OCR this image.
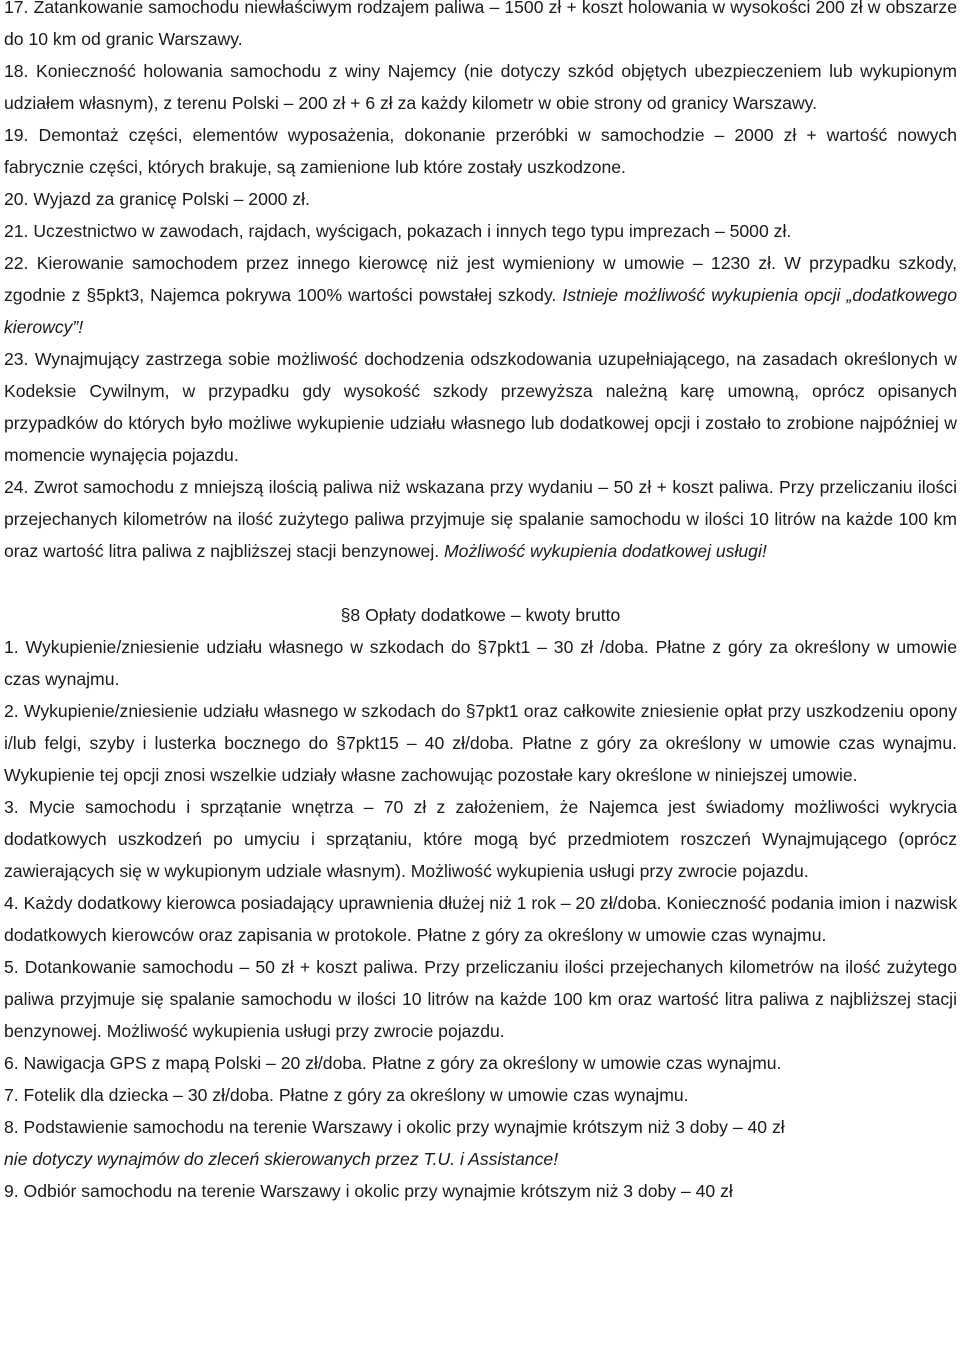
17. Zatankowanie samochodu niewłaściwym rodzajem paliwa – 1500 zł + koszt holowania w wysokości 200 zł w obszarze do 10 km od granic Warszawy.

18. Konieczność holowania samochodu z winy Najemcy (nie dotyczy szkód objętych ubezpieczeniem lub wykupionym udziałem własnym), z terenu Polski – 200 zł + 6 zł za każdy kilometr w obie strony od granicy Warszawy.

19. Demontaż części, elementów wyposażenia, dokonanie przeróbki w samochodzie – 2000 zł + wartość nowych fabrycznie części, których brakuje, są zamienione lub które zostały uszkodzone.

20. Wyjazd za granicę Polski – 2000 zł.

21. Uczestnictwo w zawodach, rajdach, wyścigach, pokazach i innych tego typu imprezach – 5000 zł.

22. Kierowanie samochodem przez innego kierowcę niż jest wymieniony w umowie – 1230 zł. W przypadku szkody, zgodnie z §5pkt3, Najemca pokrywa 100% wartości powstałej szkody. Istnieje możliwość wykupienia opcji „dodatkowego kierowcy”!

23. Wynajmujący zastrzega sobie możliwość dochodzenia odszkodowania uzupełniającego, na zasadach określonych w Kodeksie Cywilnym, w przypadku gdy wysokość szkody przewyższa należną karę umowną, oprócz opisanych przypadków do których było możliwe wykupienie udziału własnego lub dodatkowej opcji i zostało to zrobione najpóźniej w momencie wynajęcia pojazdu.

24. Zwrot samochodu z mniejszą ilością paliwa niż wskazana przy wydaniu – 50 zł + koszt paliwa. Przy przeliczaniu ilości przejechanych kilometrów na ilość zużytego paliwa przyjmuje się spalanie samochodu w ilości 10 litrów na każde 100 km oraz wartość litra paliwa z najbliższej stacji benzynowej. Możliwość wykupienia dodatkowej usługi!

§8 Opłaty dodatkowe – kwoty brutto

1. Wykupienie/zniesienie udziału własnego w szkodach do §7pkt1 – 30 zł /doba. Płatne z góry za określony w umowie czas wynajmu.

2. Wykupienie/zniesienie udziału własnego w szkodach do §7pkt1 oraz całkowite zniesienie opłat przy uszkodzeniu opony i/lub felgi, szyby i lusterka bocznego do §7pkt15 – 40 zł/doba. Płatne z góry za określony w umowie czas wynajmu. Wykupienie tej opcji znosi wszelkie udziały własne zachowując pozostałe kary określone w niniejszej umowie.

3. Mycie samochodu i sprzątanie wnętrza – 70 zł z założeniem, że Najemca jest świadomy możliwości wykrycia dodatkowych uszkodzeń po umyciu i sprzątaniu, które mogą być przedmiotem roszczeń Wynajmującego (oprócz zawierających się w wykupionym udziale własnym). Możliwość wykupienia usługi przy zwrocie pojazdu.

4. Każdy dodatkowy kierowca posiadający uprawnienia dłużej niż 1 rok – 20 zł/doba. Konieczność podania imion i nazwisk dodatkowych kierowców oraz zapisania w protokole. Płatne z góry za określony w umowie czas wynajmu.

5. Dotankowanie samochodu – 50 zł + koszt paliwa. Przy przeliczaniu ilości przejechanych kilometrów na ilość zużytego paliwa przyjmuje się spalanie samochodu w ilości 10 litrów na każde 100 km oraz wartość litra paliwa z najbliższej stacji benzynowej. Możliwość wykupienia usługi przy zwrocie pojazdu.

6. Nawigacja GPS z mapą Polski – 20 zł/doba. Płatne z góry za określony w umowie czas wynajmu.

7. Fotelik dla dziecka – 30 zł/doba. Płatne z góry za określony w umowie czas wynajmu.

8. Podstawienie samochodu na terenie Warszawy i okolic przy wynajmie krótszym niż 3 doby – 40 zł

nie dotyczy wynajmów do zleceń skierowanych przez T.U. i Assistance!

9. Odbiór samochodu na terenie Warszawy i okolic przy wynajmie krótszym niż 3 doby – 40 zł
